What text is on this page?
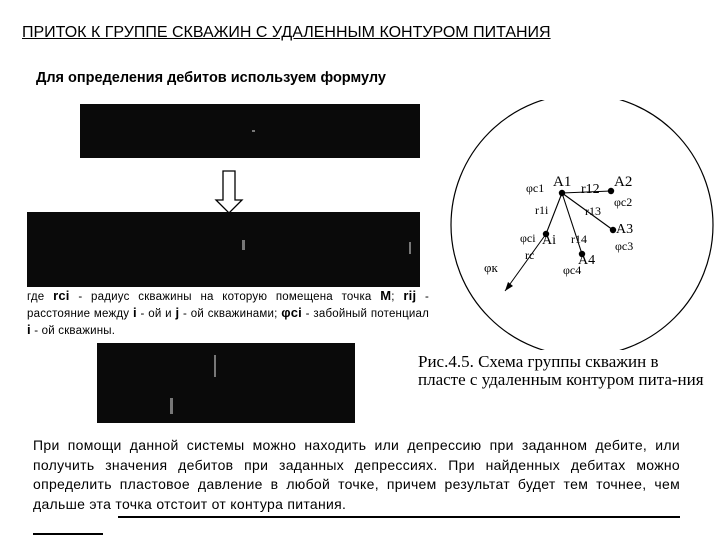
ПРИТОК К ГРУППЕ СКВАЖИН С УДАЛЕННЫМ КОНТУРОМ ПИТАНИЯ
Для определения дебитов используем формулу
где rсi - радиус скважины на которую помещена точка М; rij - расстояние между i - ой и j - ой скважинами; φсi - забойный потенциал i - ой скважины.
A1 r12 A2
φc1
φc2
r1i	r13
A3
φci Ai r14 φc3
rc	A4
φc4
φк
Рис.4.5. Схема группы скважин в пласте с удаленным контуром пита-ния
При помощи данной системы можно находить или депрессию при заданном дебите, или получить значения дебитов при заданных депрессиях. При найденных дебитах можно определить пластовое давление в любой точке, причем результат будет тем точнее, чем дальше эта точка отстоит от контура питания.
